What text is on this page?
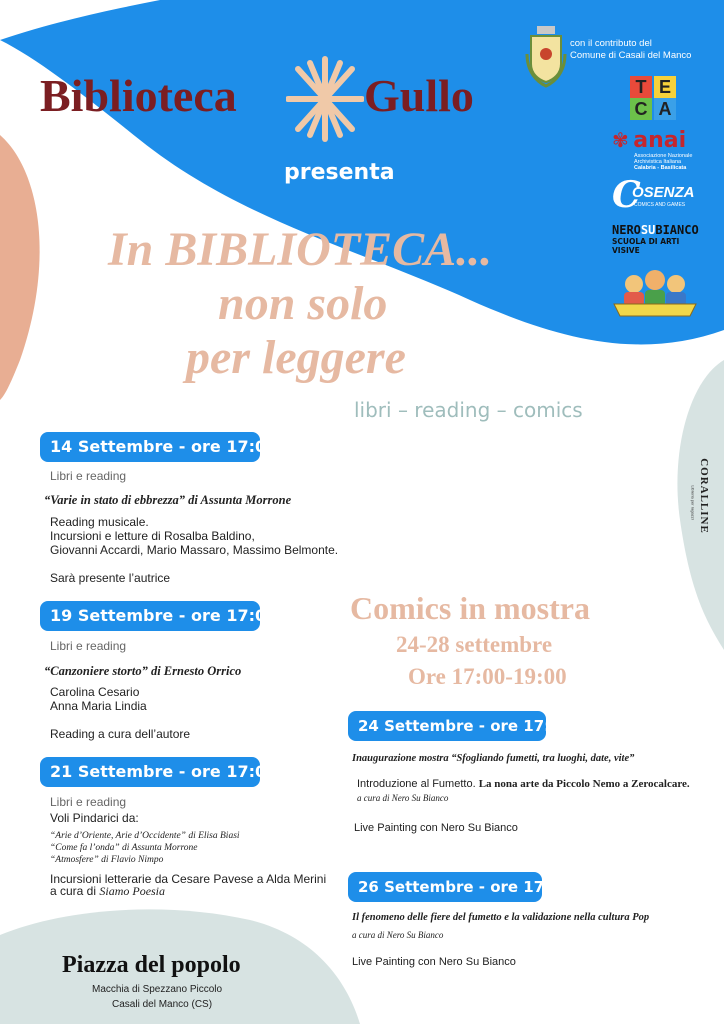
Biblioteca	Gullo
presenta
con il contributo del
Comune di Casali del Manco
T E
C A
✾ anai
Associazione Nazionale
Archivistica Italiana
Calabria - Basilicata
C
OSENZA
COMICS AND GAMES
NEROSUBIANCO
SCUOLA DI ARTI VISIVE
CORALLINE
Libreria per ragazzi
In BIBLIOTECA...
non solo
per leggere
libri – reading – comics
14 Settembre - ore 17:00
Libri e reading
“Varie in stato di ebbrezza” di Assunta Morrone
Reading musicale.
Incursioni e letture di Rosalba Baldino,
Giovanni Accardi, Mario Massaro, Massimo Belmonte.
Sarà presente l’autrice
19 Settembre - ore 17:00
Libri e reading
“Canzoniere storto” di Ernesto Orrico
Carolina Cesario
Anna Maria Lindia
Reading a cura dell’autore
21 Settembre - ore 17:00
Libri e reading
Voli Pindarici da:
“Arie d’Oriente, Arie d’Occidente” di Elisa Biasi
“Come fa l’onda” di Assunta Morrone
“Atmosfere” di Flavio Nimpo
Incursioni letterarie da Cesare Pavese a Alda Merini
a cura di Siamo Poesia
Comics in mostra
24-28 settembre
Ore 17:00-19:00
24 Settembre - ore 17:00
Inaugurazione mostra “Sfogliando fumetti, tra luoghi, date, vite”
Introduzione al Fumetto. La nona arte da Piccolo Nemo a Zerocalcare.
a cura di Nero Su Bianco
Live Painting con Nero Su Bianco
26 Settembre - ore 17:00
Il fenomeno delle fiere del fumetto e la validazione nella cultura Pop
a cura di Nero Su Bianco
Live Painting con Nero Su Bianco
Piazza del popolo
Macchia di Spezzano Piccolo
Casali del Manco (CS)
